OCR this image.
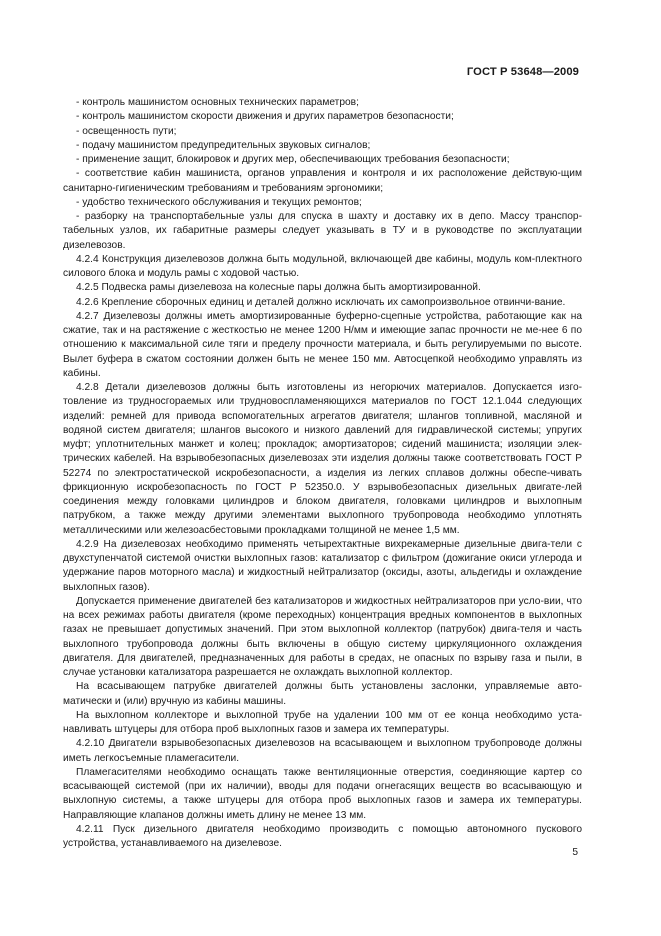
ГОСТ Р 53648—2009

- контроль машинистом основных технических параметров;

- контроль машинистом скорости движения и других параметров безопасности;

- освещенность пути;

- подачу машинистом предупредительных звуковых сигналов;

- применение защит, блокировок и других мер, обеспечивающих требования безопасности;

- соответствие кабин машиниста, органов управления и контроля и их расположение действую-щим санитарно-гигиеническим требованиям и требованиям эргономики;

- удобство технического обслуживания и текущих ремонтов;

- разборку на транспортабельные узлы для спуска в шахту и доставку их в депо. Массу транспор-табельных узлов, их габаритные размеры следует указывать в ТУ и в руководстве по эксплуатации дизелевозов.

4.2.4 Конструкция дизелевозов должна быть модульной, включающей две кабины, модуль ком-плектного силового блока и модуль рамы с ходовой частью.

4.2.5 Подвеска рамы дизелевоза на колесные пары должна быть амортизированной.

4.2.6 Крепление сборочных единиц и деталей должно исключать их самопроизвольное отвинчи-вание.

4.2.7 Дизелевозы должны иметь амортизированные буферно-сцепные устройства, работающие как на сжатие, так и на растяжение с жесткостью не менее 1200 Н/мм и имеющие запас прочности не ме-нее 6 по отношению к максимальной силе тяги и пределу прочности материала, и быть регулируемыми по высоте. Вылет буфера в сжатом состоянии должен быть не менее 150 мм. Автосцепкой необходимо управлять из кабины.

4.2.8 Детали дизелевозов должны быть изготовлены из негорючих материалов. Допускается изго-товление из трудносгораемых или трудновоспламеняющихся материалов по ГОСТ 12.1.044 следующих изделий: ремней для привода вспомогательных агрегатов двигателя; шлангов топливной, масляной и водяной систем двигателя; шлангов высокого и низкого давлений для гидравлической системы; упругих муфт; уплотнительных манжет и колец; прокладок; амортизаторов; сидений машиниста; изоляции элек-трических кабелей. На взрывобезопасных дизелевозах эти изделия должны также соответствовать ГОСТ Р 52274 по электростатической искробезопасности, а изделия из легких сплавов должны обеспе-чивать фрикционную искробезопасность по ГОСТ Р 52350.0. У взрывобезопасных дизельных двигате-лей соединения между головками цилиндров и блоком двигателя, головками цилиндров и выхлопным патрубком, а также между другими элементами выхлопного трубопровода необходимо уплотнять металлическими или железоасбестовыми прокладками толщиной не менее 1,5 мм.

4.2.9 На дизелевозах необходимо применять четырехтактные вихрекамерные дизельные двига-тели с двухступенчатой системой очистки выхлопных газов: катализатор с фильтром (дожигание окиси углерода и удержание паров моторного масла) и жидкостный нейтрализатор (оксиды, азоты, альдегиды и охлаждение выхлопных газов).

Допускается применение двигателей без катализаторов и жидкостных нейтрализаторов при усло-вии, что на всех режимах работы двигателя (кроме переходных) концентрация вредных компонентов в выхлопных газах не превышает допустимых значений. При этом выхлопной коллектор (патрубок) двига-теля и часть выхлопного трубопровода должны быть включены в общую систему циркуляционного охлаждения двигателя. Для двигателей, предназначенных для работы в средах, не опасных по взрыву газа и пыли, в случае установки катализатора разрешается не охлаждать выхлопной коллектор.

На всасывающем патрубке двигателей должны быть установлены заслонки, управляемые авто-матически и (или) вручную из кабины машины.

На выхлопном коллекторе и выхлопной трубе на удалении 100 мм от ее конца необходимо уста-навливать штуцеры для отбора проб выхлопных газов и замера их температуры.

4.2.10 Двигатели взрывобезопасных дизелевозов на всасывающем и выхлопном трубопроводе должны иметь легкосъемные пламегасители.

Пламегасителями необходимо оснащать также вентиляционные отверстия, соединяющие картер со всасывающей системой (при их наличии), вводы для подачи огнегасящих веществ во всасывающую и выхлопную системы, а также штуцеры для отбора проб выхлопных газов и замера их температуры. Направляющие клапанов должны иметь длину не менее 13 мм.

4.2.11 Пуск дизельного двигателя необходимо производить с помощью автономного пускового устройства, устанавливаемого на дизелевозе.

5
